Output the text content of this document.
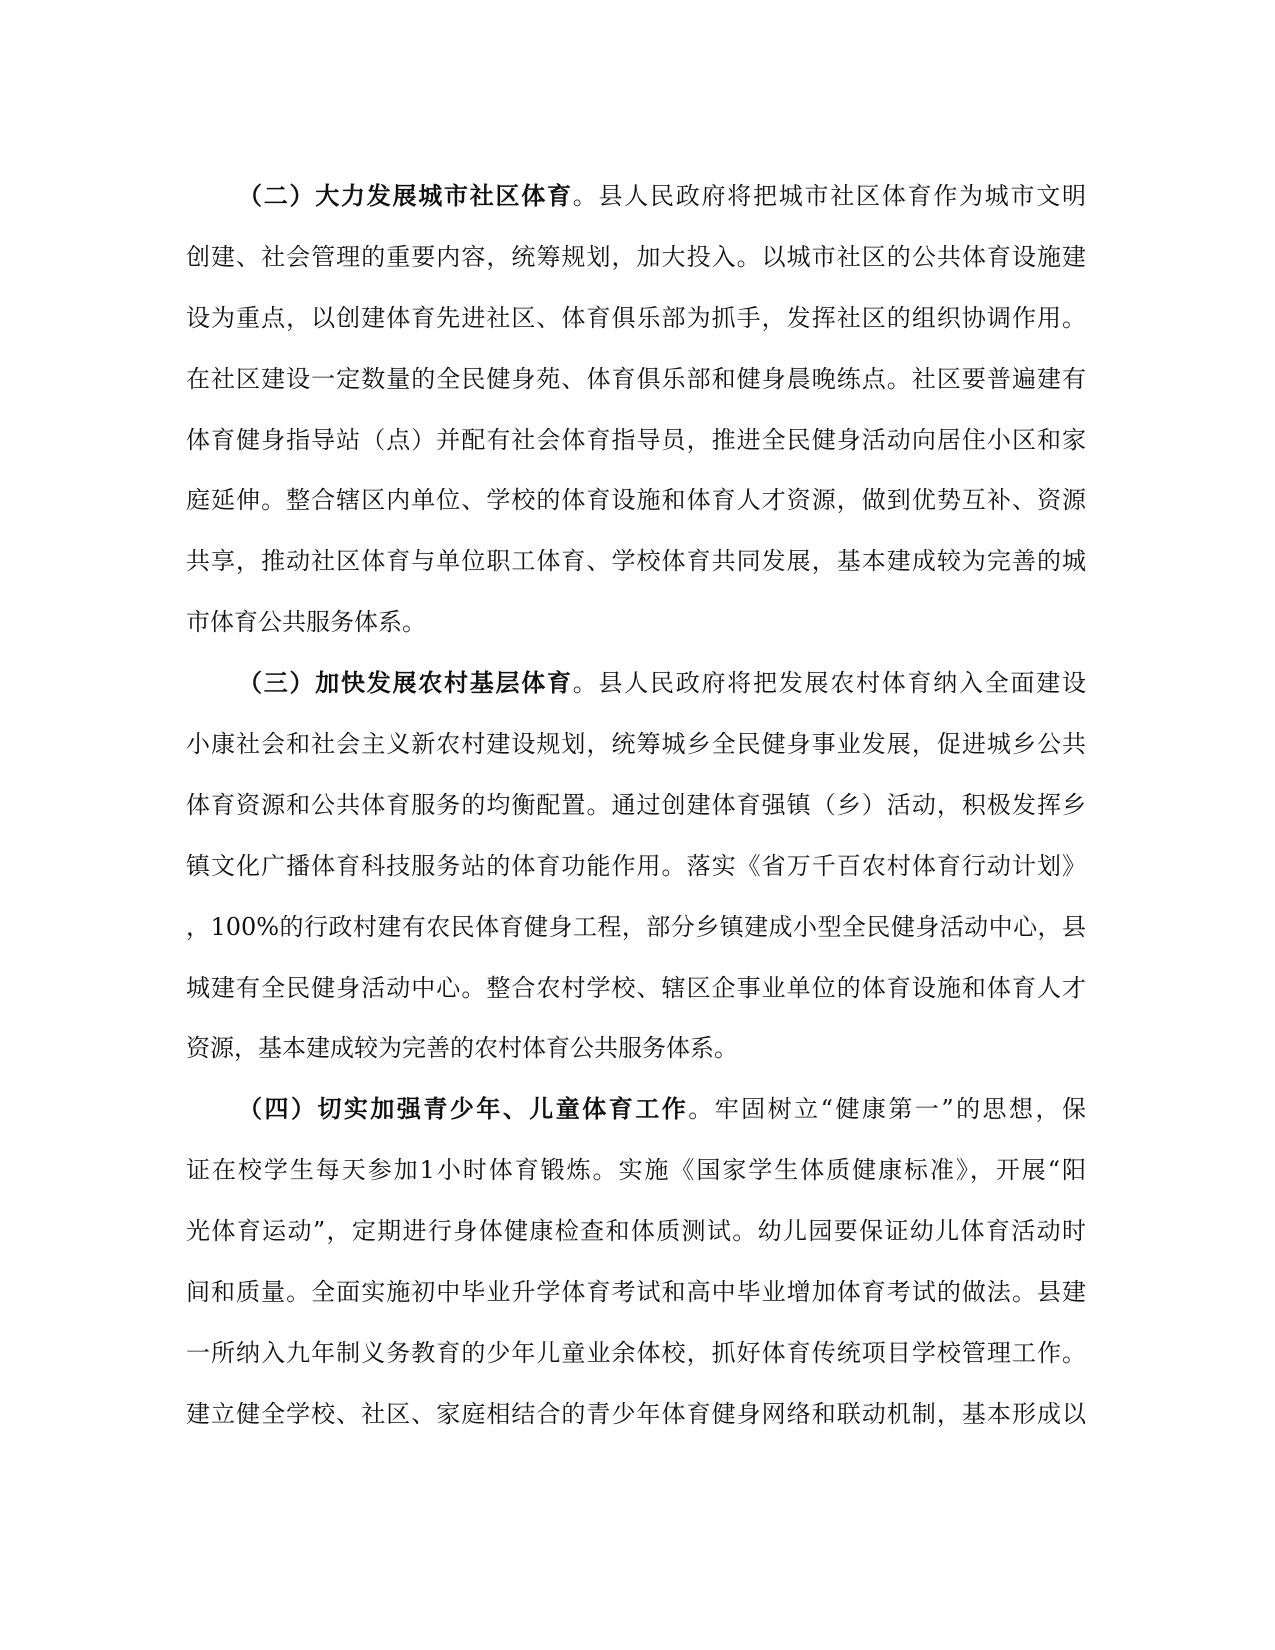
（二）大力发展城市社区体育。县人民政府将把城市社区体育作为城市文明
创建、社会管理的重要内容，统筹规划，加大投入。以城市社区的公共体育设施建
设为重点，以创建体育先进社区、体育俱乐部为抓手，发挥社区的组织协调作用。
在社区建设一定数量的全民健身苑、体育俱乐部和健身晨晚练点。社区要普遍建有
体育健身指导站（点）并配有社会体育指导员，推进全民健身活动向居住小区和家
庭延伸。整合辖区内单位、学校的体育设施和体育人才资源，做到优势互补、资源
共享，推动社区体育与单位职工体育、学校体育共同发展，基本建成较为完善的城
市体育公共服务体系。
（三）加快发展农村基层体育。县人民政府将把发展农村体育纳入全面建设
小康社会和社会主义新农村建设规划，统筹城乡全民健身事业发展，促进城乡公共
体育资源和公共体育服务的均衡配置。通过创建体育强镇（乡）活动，积极发挥乡
镇文化广播体育科技服务站的体育功能作用。落实《省万千百农村体育行动计划》
，100%的行政村建有农民体育健身工程，部分乡镇建成小型全民健身活动中心，县
城建有全民健身活动中心。整合农村学校、辖区企事业单位的体育设施和体育人才
资源，基本建成较为完善的农村体育公共服务体系。
（四）切实加强青少年、儿童体育工作。牢固树立“健康第一”的思想，保
证在校学生每天参加1小时体育锻炼。实施《国家学生体质健康标准》，开展“阳
光体育运动”，定期进行身体健康检查和体质测试。幼儿园要保证幼儿体育活动时
间和质量。全面实施初中毕业升学体育考试和高中毕业增加体育考试的做法。县建
一所纳入九年制义务教育的少年儿童业余体校，抓好体育传统项目学校管理工作。
建立健全学校、社区、家庭相结合的青少年体育健身网络和联动机制，基本形成以
